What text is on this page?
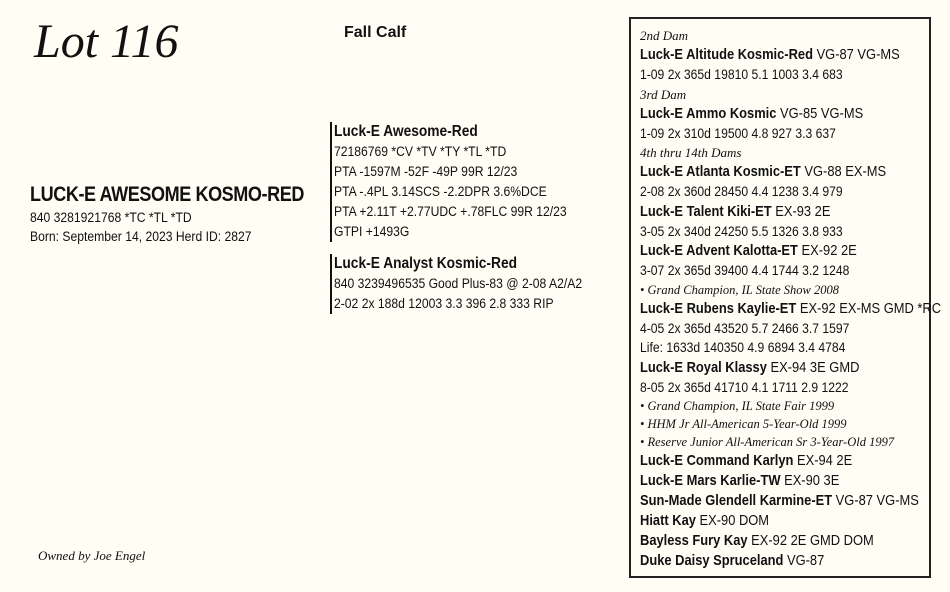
Lot 116	Fall Calf
LUCK-E AWESOME KOSMO-RED
840 3281921768 *TC *TL *TD
Born: September 14, 2023 Herd ID: 2827
Luck-E Awesome-Red
72186769 *CV *TV *TY *TL *TD
PTA -1597M -52F -49P 99R 12/23
PTA -.4PL 3.14SCS -2.2DPR 3.6%DCE
PTA +2.11T +2.77UDC +.78FLC 99R 12/23
GTPI +1493G
Luck-E Analyst Kosmic-Red
840 3239496535 Good Plus-83 @ 2-08 A2/A2
2-02 2x 188d 12003 3.3 396 2.8 333 RIP
Owned by Joe Engel
2nd Dam
Luck-E Altitude Kosmic-Red VG-87 VG-MS
1-09 2x 365d 19810 5.1 1003 3.4 683
3rd Dam
Luck-E Ammo Kosmic VG-85 VG-MS
1-09 2x 310d 19500 4.8 927 3.3 637
4th thru 14th Dams
Luck-E Atlanta Kosmic-ET VG-88 EX-MS
2-08 2x 360d 28450 4.4 1238 3.4 979
Luck-E Talent Kiki-ET EX-93 2E
3-05 2x 340d 24250 5.5 1326 3.8 933
Luck-E Advent Kalotta-ET EX-92 2E
3-07 2x 365d 39400 4.4 1744 3.2 1248
• Grand Champion, IL State Show 2008
Luck-E Rubens Kaylie-ET EX-92 EX-MS GMD *RC
4-05 2x 365d 43520 5.7 2466 3.7 1597
Life: 1633d 140350 4.9 6894 3.4 4784
Luck-E Royal Klassy EX-94 3E GMD
8-05 2x 365d 41710 4.1 1711 2.9 1222
• Grand Champion, IL State Fair 1999
• HHM Jr All-American 5-Year-Old 1999
• Reserve Junior All-American Sr 3-Year-Old 1997
Luck-E Command Karlyn EX-94 2E
Luck-E Mars Karlie-TW EX-90 3E
Sun-Made Glendell Karmine-ET VG-87 VG-MS
Hiatt Kay EX-90 DOM
Bayless Fury Kay EX-92 2E GMD DOM
Duke Daisy Spruceland VG-87
